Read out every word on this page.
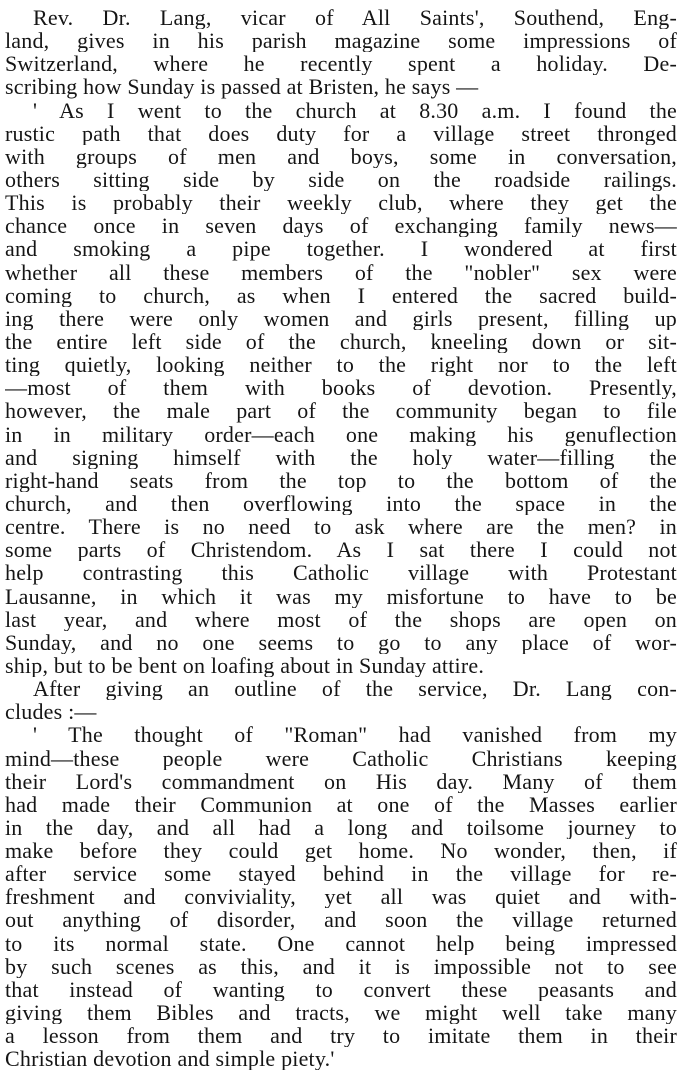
Rev. Dr. Lang, vicar of All Saints', Southend, Eng-
land, gives in his parish magazine some impressions of
Switzerland, where he recently spent a holiday. De-
scribing how Sunday is passed at Bristen, he says —
' As I went to the church at 8.30 a.m. I found the
rustic path that does duty for a village street thronged
with groups of men and boys, some in conversation,
others sitting side by side on the roadside railings.
This is probably their weekly club, where they get the
chance once in seven days of exchanging family news—
and smoking a pipe together. I wondered at first
whether all these members of the "nobler" sex were
coming to church, as when I entered the sacred build-
ing there were only women and girls present, filling up
the entire left side of the church, kneeling down or sit-
ting quietly, looking neither to the right nor to the left
—most of them with books of devotion. Presently,
however, the male part of the community began to file
in in military order—each one making his genuflection
and signing himself with the holy water—filling the
right-hand seats from the top to the bottom of the
church, and then overflowing into the space in the
centre. There is no need to ask where are the men? in
some parts of Christendom. As I sat there I could not
help contrasting this Catholic village with Protestant
Lausanne, in which it was my misfortune to have to be
last year, and where most of the shops are open on
Sunday, and no one seems to go to any place of wor-
ship, but to be bent on loafing about in Sunday attire.
After giving an outline of the service, Dr. Lang con-
cludes :—
' The thought of "Roman" had vanished from my
mind—these people were Catholic Christians keeping
their Lord's commandment on His day. Many of them
had made their Communion at one of the Masses earlier
in the day, and all had a long and toilsome journey to
make before they could get home. No wonder, then, if
after service some stayed behind in the village for re-
freshment and conviviality, yet all was quiet and with-
out anything of disorder, and soon the village returned
to its normal state. One cannot help being impressed
by such scenes as this, and it is impossible not to see
that instead of wanting to convert these peasants and
giving them Bibles and tracts, we might well take many
a lesson from them and try to imitate them in their
Christian devotion and simple piety.'
